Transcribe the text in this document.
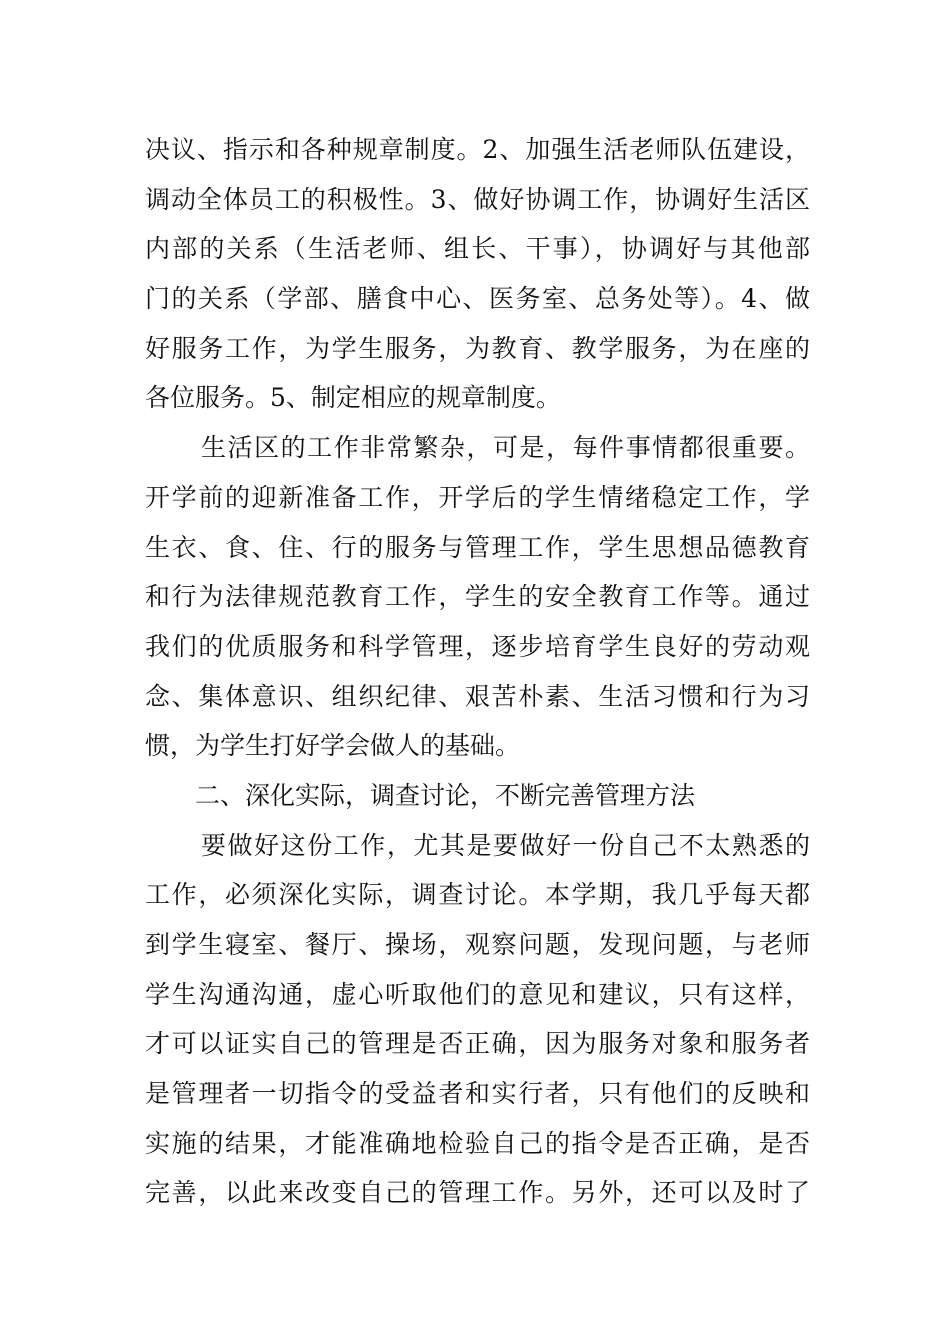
决议、指示和各种规章制度。2、加强生活老师队伍建设，
调动全体员工的积极性。3、做好协调工作，协调好生活区
内部的关系（生活老师、组长、干事），协调好与其他部
门的关系（学部、膳食中心、医务室、总务处等）。4、做
好服务工作，为学生服务，为教育、教学服务，为在座的
各位服务。5、制定相应的规章制度。
生活区的工作非常繁杂，可是，每件事情都很重要。
开学前的迎新准备工作，开学后的学生情绪稳定工作，学
生衣、食、住、行的服务与管理工作，学生思想品德教育
和行为法律规范教育工作，学生的安全教育工作等。通过
我们的优质服务和科学管理，逐步培育学生良好的劳动观
念、集体意识、组织纪律、艰苦朴素、生活习惯和行为习
惯，为学生打好学会做人的基础。
二、深化实际，调查讨论，不断完善管理方法
要做好这份工作，尤其是要做好一份自己不太熟悉的
工作，必须深化实际，调查讨论。本学期，我几乎每天都
到学生寝室、餐厅、操场，观察问题，发现问题，与老师
学生沟通沟通，虚心听取他们的意见和建议，只有这样，
才可以证实自己的管理是否正确，因为服务对象和服务者
是管理者一切指令的受益者和实行者，只有他们的反映和
实施的结果，才能准确地检验自己的指令是否正确，是否
完善，以此来改变自己的管理工作。另外，还可以及时了
